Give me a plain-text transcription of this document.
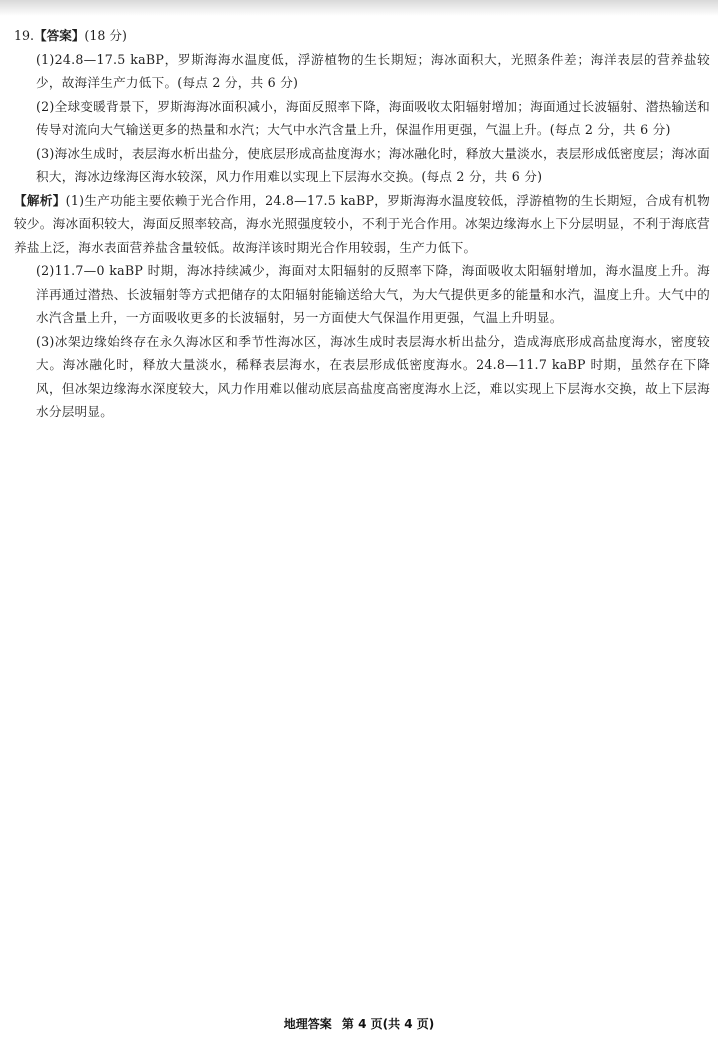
19.【答案】(18 分)

(1)24.8—17.5 kaBP，罗斯海海水温度低，浮游植物的生长期短；海冰面积大，光照条件差；海洋表层的营养盐较少，故海洋生产力低下。(每点 2 分，共 6 分)

(2)全球变暖背景下，罗斯海海冰面积减小，海面反照率下降，海面吸收太阳辐射增加；海面通过长波辐射、潜热输送和传导对流向大气输送更多的热量和水汽；大气中水汽含量上升，保温作用更强，气温上升。(每点 2 分，共 6 分)

(3)海冰生成时，表层海水析出盐分，使底层形成高盐度海水；海冰融化时，释放大量淡水，表层形成低密度层；海冰面积大，海冰边缘海区海水较深，风力作用难以实现上下层海水交换。(每点 2 分，共 6 分)

【解析】(1)生产功能主要依赖于光合作用，24.8—17.5 kaBP，罗斯海海水温度较低，浮游植物的生长期短，合成有机物较少。海冰面积较大，海面反照率较高，海水光照强度较小，不利于光合作用。冰架边缘海水上下分层明显，不利于海底营养盐上泛，海水表面营养盐含量较低。故海洋该时期光合作用较弱，生产力低下。

(2)11.7—0 kaBP 时期，海冰持续减少，海面对太阳辐射的反照率下降，海面吸收太阳辐射增加，海水温度上升。海洋再通过潜热、长波辐射等方式把储存的太阳辐射能输送给大气，为大气提供更多的能量和水汽，温度上升。大气中的水汽含量上升，一方面吸收更多的长波辐射，另一方面使大气保温作用更强，气温上升明显。

(3)冰架边缘始终存在永久海冰区和季节性海冰区，海冰生成时表层海水析出盐分，造成海底形成高盐度海水，密度较大。海冰融化时，释放大量淡水，稀释表层海水，在表层形成低密度海水。24.8—11.7 kaBP 时期，虽然存在下降风，但冰架边缘海水深度较大，风力作用难以催动底层高盐度高密度海水上泛，难以实现上下层海水交换，故上下层海水分层明显。

地理答案 第 4 页(共 4 页)
